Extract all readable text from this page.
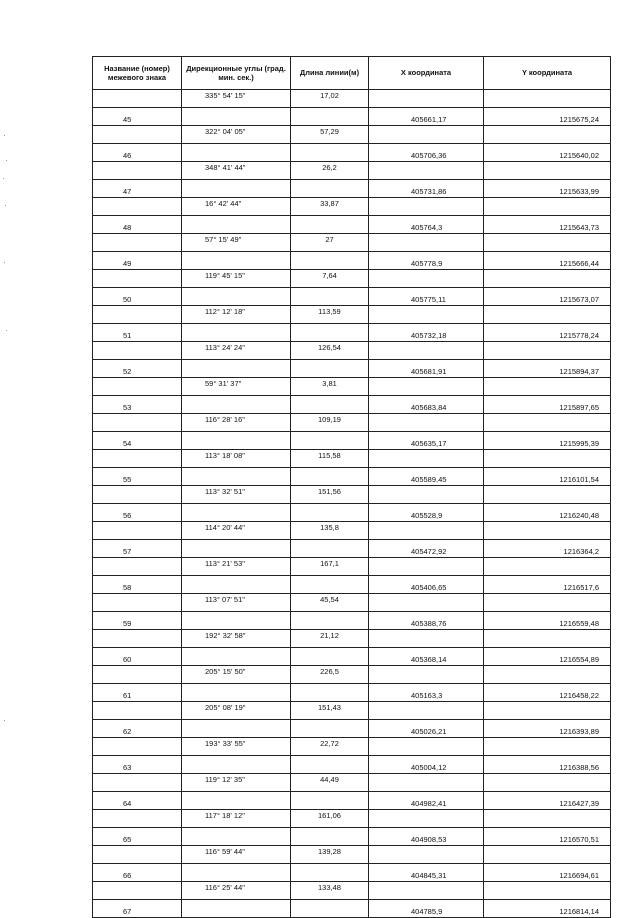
Название (номер) межевого знака	Дирекционные углы (град. мин. сек.)	Длина линии(м)	X координата	Y координата
	335° 54' 15"	17,02		
45			405661,17	1215675,24
	322° 04' 05"	57,29		
46			405706,36	1215640,02
	348° 41' 44"	26,2		
47			405731,86	1215633,99
	16° 42' 44"	33,87		
48			405764,3	1215643,73
	57° 15' 49"	27		
49			405778,9	1215666,44
	119° 45' 15"	7,64		
50			405775,11	1215673,07
	112° 12' 18"	113,59		
51			405732,18	1215778,24
	113° 24' 24"	126,54		
52			405681,91	1215894,37
	59° 31' 37"	3,81		
53			405683,84	1215897,65
	116° 28' 16"	109,19		
54			405635,17	1215995,39
	113° 18' 08"	115,58		
55			405589,45	1216101,54
	113° 32' 51"	151,56		
56			405528,9	1216240,48
	114° 20' 44"	135,8		
57			405472,92	1216364,2
	113° 21' 53"	167,1		
58			405406,65	1216517,6
	113° 07' 51"	45,54		
59			405388,76	1216559,48
	192° 32' 58"	21,12		
60			405368,14	1216554,89
	205° 15' 50"	226,5		
61			405163,3	1216458,22
	205° 08' 19"	151,43		
62			405026,21	1216393,89
	193° 33' 55"	22,72		
63			405004,12	1216388,56
	119° 12' 35"	44,49		
64			404982,41	1216427,39
	117° 18' 12"	161,06		
65			404908,53	1216570,51
	116° 59' 44"	139,28		
66			404845,31	1216694,61
	116° 25' 44"	133,48		
67			404785,9	1216814,14
